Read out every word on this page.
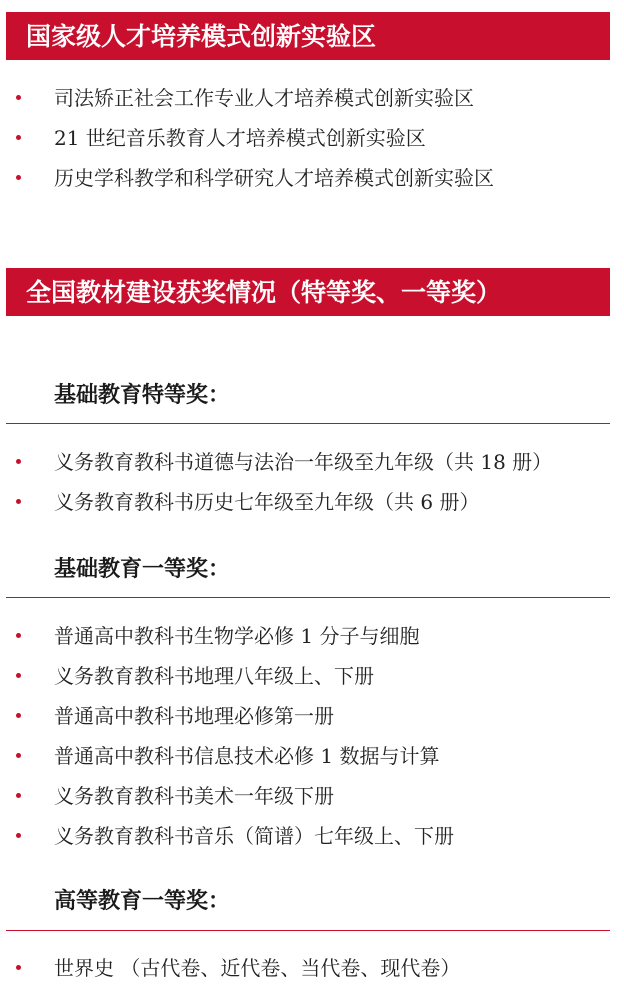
国家级人才培养模式创新实验区
司法矫正社会工作专业人才培养模式创新实验区
21 世纪音乐教育人才培养模式创新实验区
历史学科教学和科学研究人才培养模式创新实验区
全国教材建设获奖情况（特等奖、一等奖）
基础教育特等奖：
义务教育教科书道德与法治一年级至九年级（共 18 册）
义务教育教科书历史七年级至九年级（共 6 册）
基础教育一等奖：
普通高中教科书生物学必修 1 分子与细胞
义务教育教科书地理八年级上、下册
普通高中教科书地理必修第一册
普通高中教科书信息技术必修 1 数据与计算
义务教育教科书美术一年级下册
义务教育教科书音乐（简谱）七年级上、下册
高等教育一等奖：
世界史 （古代卷、近代卷、当代卷、现代卷）
